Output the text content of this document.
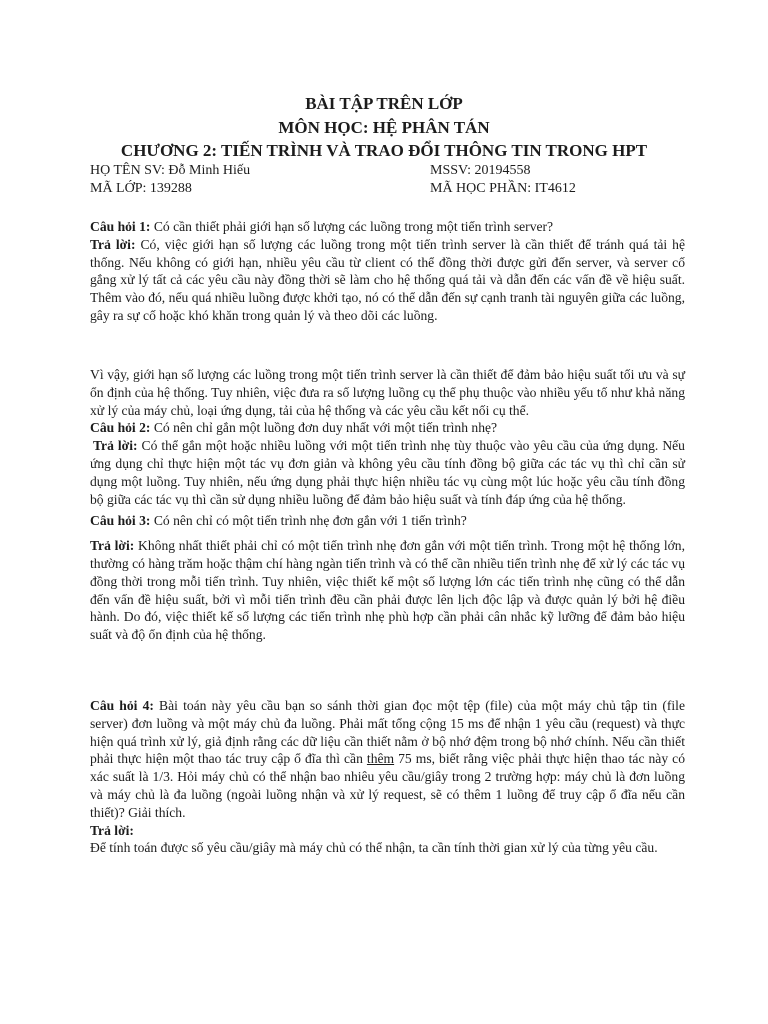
BÀI TẬP TRÊN LỚP
MÔN HỌC: HỆ PHÂN TÁN
CHƯƠNG 2: TIẾN TRÌNH VÀ TRAO ĐỔI THÔNG TIN TRONG HPT
HỌ TÊN SV: Đỗ Minh Hiếu
MÃ LỚP: 139288
MSSV: 20194558
MÃ HỌC PHẦN: IT4612

Câu hỏi 1: Có cần thiết phải giới hạn số lượng các luồng trong một tiến trình server?

Trả lời: Có, việc giới hạn số lượng các luồng trong một tiến trình server là cần thiết để tránh quá tải hệ thống. Nếu không có giới hạn, nhiều yêu cầu từ client có thể đồng thời được gửi đến server, và server cố gắng xử lý tất cả các yêu cầu này đồng thời sẽ làm cho hệ thống quá tải và dẫn đến các vấn đề về hiệu suất. Thêm vào đó, nếu quá nhiều luồng được khởi tạo, nó có thể dẫn đến sự cạnh tranh tài nguyên giữa các luồng, gây ra sự cố hoặc khó khăn trong quản lý và theo dõi các luồng.

Vì vậy, giới hạn số lượng các luồng trong một tiến trình server là cần thiết để đảm bảo hiệu suất tối ưu và sự ổn định của hệ thống. Tuy nhiên, việc đưa ra số lượng luồng cụ thể phụ thuộc vào nhiều yếu tố như khả năng xử lý của máy chủ, loại ứng dụng, tải của hệ thống và các yêu cầu kết nối cụ thể.

Câu hỏi 2: Có nên chỉ gắn một luồng đơn duy nhất với một tiến trình nhẹ?

Trả lời: Có thể gắn một hoặc nhiều luồng với một tiến trình nhẹ tùy thuộc vào yêu cầu của ứng dụng. Nếu ứng dụng chỉ thực hiện một tác vụ đơn giản và không yêu cầu tính đồng bộ giữa các tác vụ thì chỉ cần sử dụng một luồng. Tuy nhiên, nếu ứng dụng phải thực hiện nhiều tác vụ cùng một lúc hoặc yêu cầu tính đồng bộ giữa các tác vụ thì cần sử dụng nhiều luồng để đảm bảo hiệu suất và tính đáp ứng của hệ thống.

Câu hỏi 3: Có nên chỉ có một tiến trình nhẹ đơn gắn với 1 tiến trình?

Trả lời: Không nhất thiết phải chỉ có một tiến trình nhẹ đơn gắn với một tiến trình. Trong một hệ thống lớn, thường có hàng trăm hoặc thậm chí hàng ngàn tiến trình và có thể cần nhiều tiến trình nhẹ để xử lý các tác vụ đồng thời trong mỗi tiến trình. Tuy nhiên, việc thiết kế một số lượng lớn các tiến trình nhẹ cũng có thể dẫn đến vấn đề hiệu suất, bởi vì mỗi tiến trình đều cần phải được lên lịch độc lập và được quản lý bởi hệ điều hành. Do đó, việc thiết kế số lượng các tiến trình nhẹ phù hợp cần phải cân nhắc kỹ lưỡng để đảm bảo hiệu suất và độ ổn định của hệ thống.

Câu hỏi 4: Bài toán này yêu cầu bạn so sánh thời gian đọc một tệp (file) của một máy chủ tập tin (file server) đơn luồng và một máy chủ đa luồng. Phải mất tổng cộng 15 ms để nhận 1 yêu cầu (request) và thực hiện quá trình xử lý, giả định rằng các dữ liệu cần thiết nằm ở bộ nhớ đệm trong bộ nhớ chính. Nếu cần thiết phải thực hiện một thao tác truy cập ổ đĩa thì cần thêm 75 ms, biết rằng việc phải thực hiện thao tác này có xác suất là 1/3. Hỏi máy chủ có thể nhận bao nhiêu yêu cầu/giây trong 2 trường hợp: máy chủ là đơn luồng và máy chủ là đa luồng (ngoài luồng nhận và xử lý request, sẽ có thêm 1 luồng để truy cập ổ đĩa nếu cần thiết)? Giải thích.

Trả lời:

Để tính toán được số yêu cầu/giây mà máy chủ có thể nhận, ta cần tính thời gian xử lý của từng yêu cầu.
